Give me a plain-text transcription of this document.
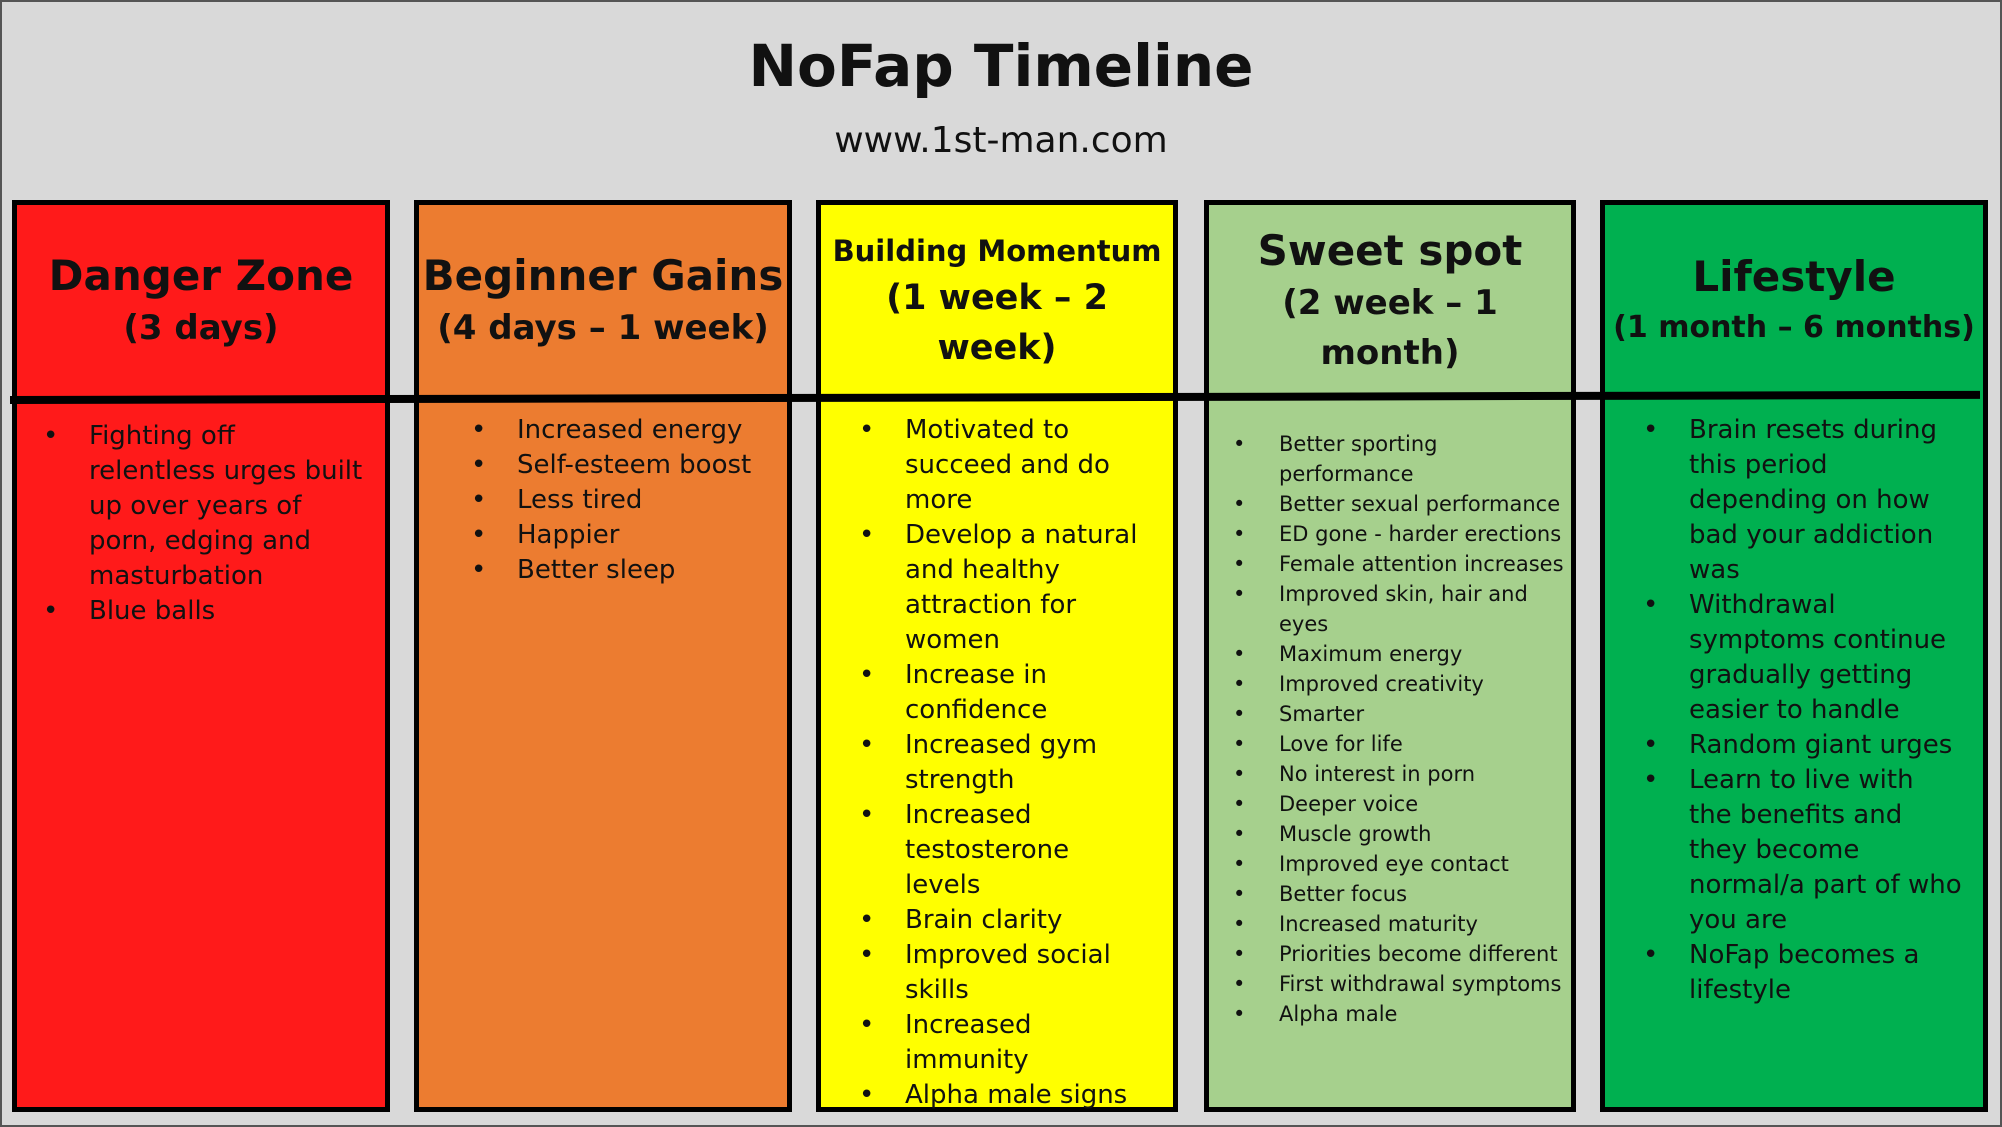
NoFap Timeline
www.1st-man.com
Danger Zone
(3 days)
• Fighting off relentless urges built up over years of porn, edging and masturbation
• Blue balls
Beginner Gains
(4 days – 1 week)
• Increased energy
• Self-esteem boost
• Less tired
• Happier
• Better sleep
Building Momentum
(1 week – 2 week)
• Motivated to succeed and do more
• Develop a natural and healthy attraction for women
• Increase in confidence
• Increased gym strength
• Increased testosterone levels
• Brain clarity
• Improved social skills
• Increased immunity
• Alpha male signs
Sweet spot
(2 week – 1 month)
• Better sporting performance
• Better sexual performance
• ED gone - harder erections
• Female attention increases
• Improved skin, hair and eyes
• Maximum energy
• Improved creativity
• Smarter
• Love for life
• No interest in porn
• Deeper voice
• Muscle growth
• Improved eye contact
• Better focus
• Increased maturity
• Priorities become different
• First withdrawal symptoms
• Alpha male
Lifestyle
(1 month – 6 months)
• Brain resets during this period depending on how bad your addiction was
• Withdrawal symptoms continue gradually getting easier to handle
• Random giant urges
• Learn to live with the benefits and they become normal/a part of who you are
• NoFap becomes a lifestyle
